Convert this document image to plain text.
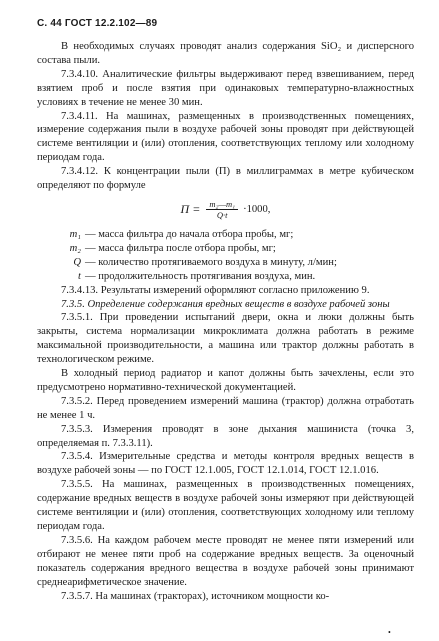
С. 44 ГОСТ 12.2.102—89

В необходимых случаях проводят анализ содержания SiO₂ и дисперсного состава пыли.

7.3.4.10. Аналитические фильтры выдерживают перед взвешиванием, перед взятием проб и после взятия при одинаковых температурно-влажностных условиях в течение не менее 30 мин.

7.3.4.11. На машинах, размещенных в производственных помещениях, измерение содержания пыли в воздухе рабочей зоны проводят при действующей системе вентиляции и (или) отопления, соответствующих теплому или холодному периодам года.

7.3.4.12. К концентрации пыли (П) в миллиграммах в метре кубическом определяют по формуле

$П = \frac{\text{m₂—m₁}}{Q\cdot t} \cdot 1000$,
m₁ — масса фильтра до начала отбора пробы, мг;
m₂ — масса фильтра после отбора пробы, мг;
Q — количество протягиваемого воздуха в минуту, л/мин;
t — продолжительность протягивания воздуха, мин.

7.3.4.13. Результаты измерений оформляют согласно приложению 9.

7.3.5. Определение содержания вредных веществ в воздухе рабочей зоны

7.3.5.1. При проведении испытаний двери, окна и люки должны быть закрыты, система нормализации микроклимата должна работать в режиме максимальной производительности, а машина или трактор должны работать в технологическом режиме.

В холодный период радиатор и капот должны быть зачехлены, если это предусмотрено нормативно-технической документацией.

7.3.5.2. Перед проведением измерений машина (трактор) должна отработать не менее 1 ч.

7.3.5.3. Измерения проводят в зоне дыхания машиниста (точка 3, определяемая п. 7.3.3.11).

7.3.5.4. Измерительные средства и методы контроля вредных веществ в воздухе рабочей зоны — по ГОСТ 12.1.005, ГОСТ 12.1.014, ГОСТ 12.1.016.

7.3.5.5. На машинах, размещенных в производственных помещениях, содержание вредных веществ в воздухе рабочей зоны измеряют при действующей системе вентиляции и (или) отопления, соответствующих холодному или теплому периодам года.

7.3.5.6. На каждом рабочем месте проводят не менее пяти измерений или отбирают не менее пяти проб на содержание вредных веществ. За оценочный показатель содержания вредного вещества в воздухе рабочей зоны принимают среднеарифметическое значение.

7.3.5.7. На машинах (тракторах), источником мощности ко-

•
